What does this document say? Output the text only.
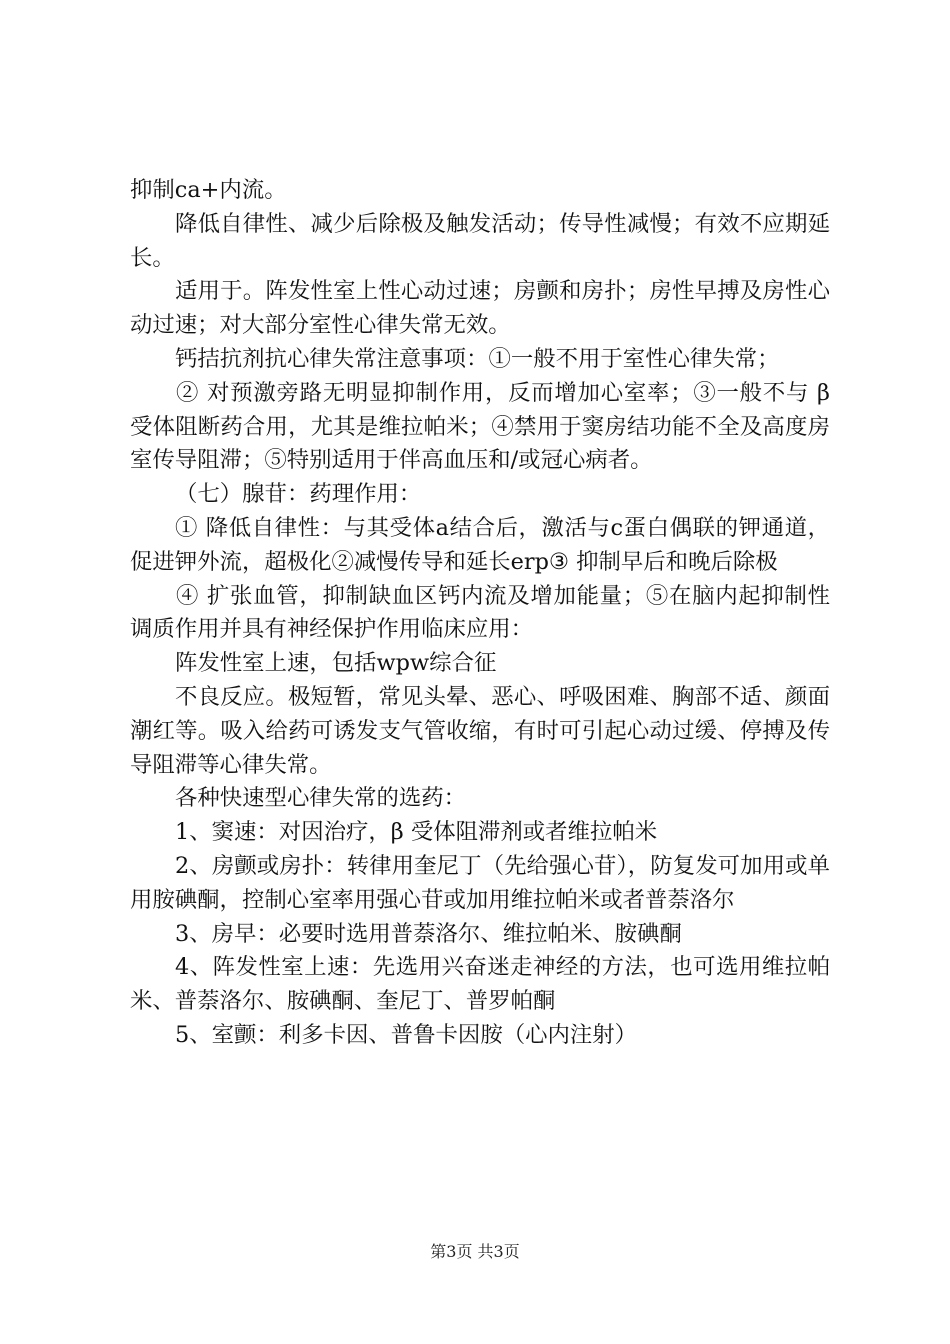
抑制ca+内流。

降低自律性、减少后除极及触发活动；传导性减慢；有效不应期延长。

适用于。阵发性室上性心动过速；房颤和房扑；房性早搏及房性心动过速；对大部分室性心律失常无效。

钙拮抗剂抗心律失常注意事项：①一般不用于室性心律失常；

② 对预激旁路无明显抑制作用，反而增加心室率；③一般不与 β 受体阻断药合用，尤其是维拉帕米；④禁用于窦房结功能不全及高度房室传导阻滞；⑤特别适用于伴高血压和/或冠心病者。

（七）腺苷：药理作用：

① 降低自律性：与其受体a结合后，激活与c蛋白偶联的钾通道，促进钾外流，超极化②减慢传导和延长erp③ 抑制早后和晚后除极

④ 扩张血管，抑制缺血区钙内流及增加能量；⑤在脑内起抑制性调质作用并具有神经保护作用临床应用：

阵发性室上速，包括wpw综合征

不良反应。极短暂，常见头晕、恶心、呼吸困难、胸部不适、颜面潮红等。吸入给药可诱发支气管收缩，有时可引起心动过缓、停搏及传导阻滞等心律失常。

各种快速型心律失常的选药：

1、窦速：对因治疗，β 受体阻滞剂或者维拉帕米

2、房颤或房扑：转律用奎尼丁（先给强心苷），防复发可加用或单用胺碘酮，控制心室率用强心苷或加用维拉帕米或者普萘洛尔

3、房早：必要时选用普萘洛尔、维拉帕米、胺碘酮

4、阵发性室上速：先选用兴奋迷走神经的方法，也可选用维拉帕米、普萘洛尔、胺碘酮、奎尼丁、普罗帕酮

5、室颤：利多卡因、普鲁卡因胺（心内注射）

第3页 共3页
